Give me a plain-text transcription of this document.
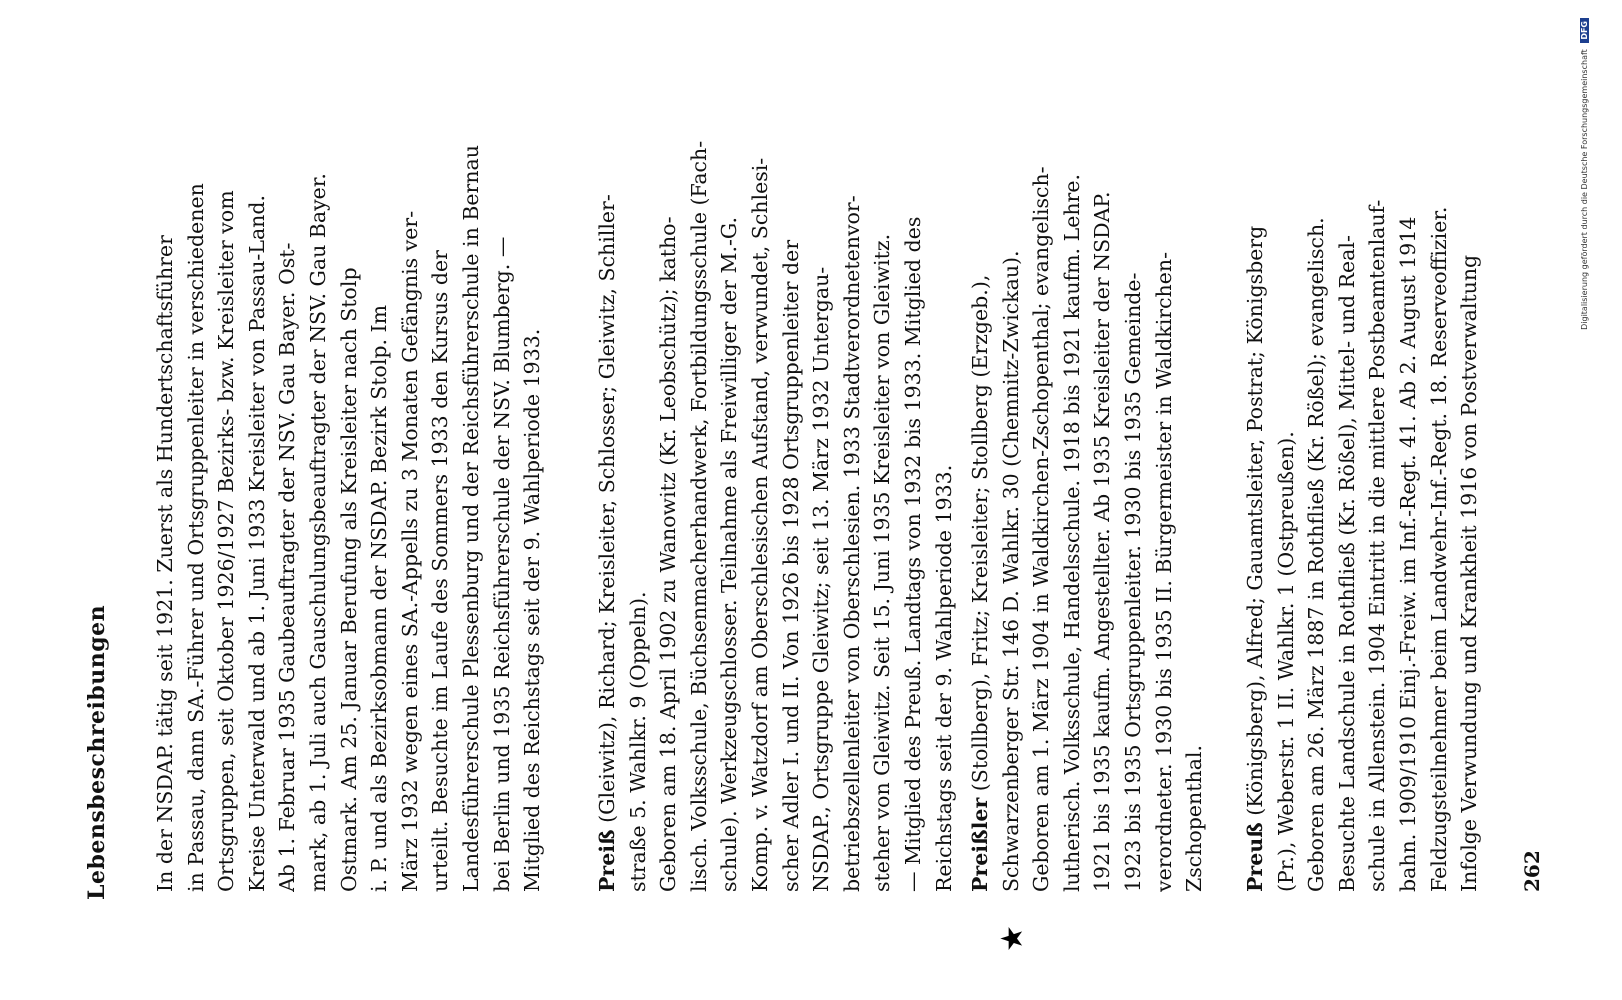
Lebensbeschreibungen In der NSDAP. tätig seit 1921. Zuerst als Hundertschaftsführer in Passau, dann SA.-Führer und Ortsgruppenleiter in verschiedenen Ortsgruppen, seit Oktober 1926/1927 Bezirks- bzw. Kreisleiter vom Kreise Unterwald und ab 1. Juni 1933 Kreisleiter von Passau-Land. Ab 1. Februar 1935 Gaubeauftragter der NSV. Gau Bayer. Ost- mark, ab 1. Juli auch Gauschulungsbeauftragter der NSV. Gau Bayer. Ostmark. Am 25. Januar Berufung als Kreisleiter nach Stolp i. P. und als Bezirksobmann der NSDAP. Bezirk Stolp. Im März 1932 wegen eines SA.-Appells zu 3 Monaten Gefängnis ver- urteilt. Besuchte im Laufe des Sommers 1933 den Kursus der Landesführerschule Plessenburg und der Reichsführerschule in Bernau bei Berlin und 1935 Reichsführerschule der NSV. Blumberg. — Mitglied des Reichstags seit der 9. Wahlperiode 1933. Preiß (Gleiwitz), Richard; Kreisleiter, Schlosser; Gleiwitz, Schiller- straße 5. Wahlkr. 9 (Oppeln). Geboren am 18. April 1902 zu Wanowitz (Kr. Leobschütz); katho- lisch. Volksschule, Büchsenmacherhandwerk, Fortbildungsschule (Fach- schule). Werkzeugschlosser. Teilnahme als Freiwilliger der M.-G. Komp. v. Watzdorf am Oberschlesischen Aufstand, verwundet, Schlesi- scher Adler I. und II. Von 1926 bis 1928 Ortsgruppenleiter der NSDAP., Ortsgruppe Gleiwitz; seit 13. März 1932 Untergau- betriebszellenleiter von Oberschlesien. 1933 Stadtverordnetenvor- steher von Gleiwitz. Seit 15. Juni 1935 Kreisleiter von Gleiwitz. — Mitglied des Preuß. Landtags von 1932 bis 1933. Mitglied des Reichstags seit der 9. Wahlperiode 1933.
★
Preißler (Stollberg), Fritz; Kreisleiter; Stollberg (Erzgeb.), Schwarzenberger Str. 146 D. Wahlkr. 30 (Chemnitz-Zwickau). Geboren am 1. März 1904 in Waldkirchen-Zschopenthal; evangelisch- lutherisch. Volksschule, Handelsschule. 1918 bis 1921 kaufm. Lehre. 1921 bis 1935 kaufm. Angestellter. Ab 1935 Kreisleiter der NSDAP. 1923 bis 1935 Ortsgruppenleiter. 1930 bis 1935 Gemeinde- verordneter. 1930 bis 1935 II. Bürgermeister in Waldkirchen- Zschopenthal. Preuß (Königsberg), Alfred; Gauamtsleiter, Postrat; Königsberg (Pr.), Weberstr. 1 II. Wahlkr. 1 (Ostpreußen). Geboren am 26. März 1887 in Rothfließ (Kr. Rößel); evangelisch. Besuchte Landschule in Rothfließ (Kr. Rößel), Mittel- und Real- schule in Allenstein. 1904 Eintritt in die mittlere Postbeamtenlauf- bahn. 1909/1910 Einj.-Freiw. im Inf.-Regt. 41. Ab 2. August 1914 Feldzugsteilnehmer beim Landwehr-Inf.-Regt. 18. Reserveoffizier. Infolge Verwundung und Krankheit 1916 von Postverwaltung 262
Digitalisierung gefördert durch die Deutsche Forschungsgemeinschaft DFG
